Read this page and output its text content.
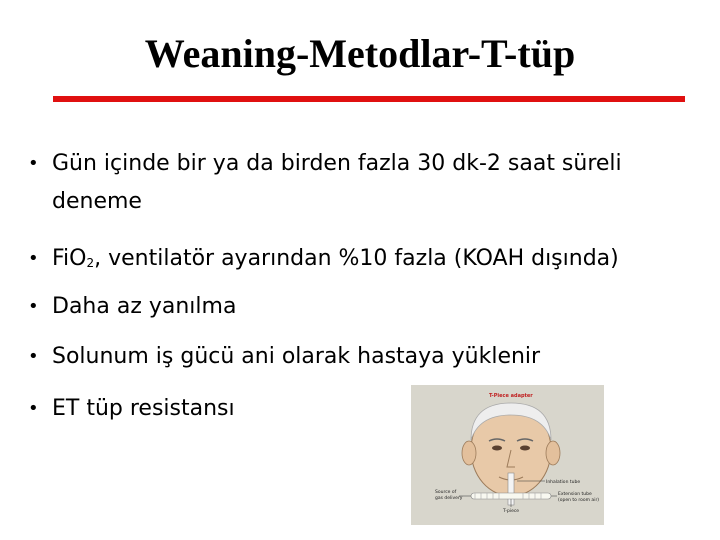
Weaning-Metodlar-T-tüp
• Gün içinde bir ya da birden fazla 30 dk-2 saat süreli
deneme
• FiO$_2$, ventilatör ayarından %10 fazla (KOAH dışında)
• Daha az yanılma
• Solunum iş gücü ani olarak hastaya yüklenir
• ET tüp resistansı	T-Piece adapter
Inhalation tube
Source of
gas delivery
Extension tube
(open to room air)
T-piece
